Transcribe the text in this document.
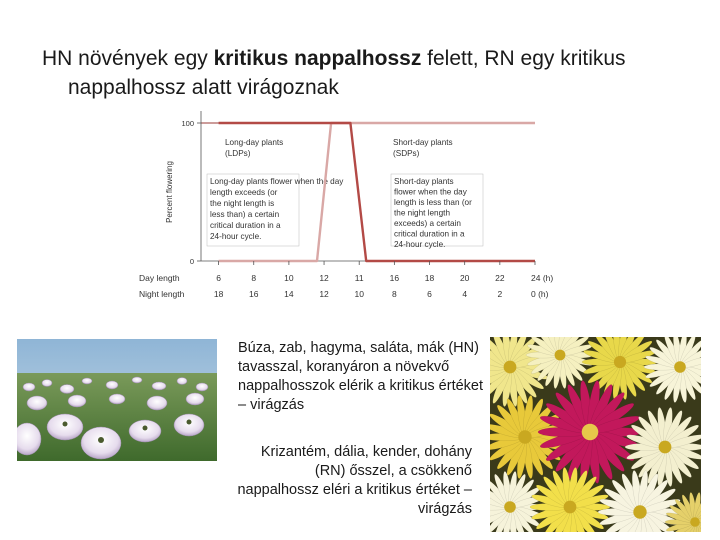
HN növények egy kritikus nappalhossz felett, RN egy kritikus
nappalhossz alatt virágoznak
0
100
Percent flowering	Long-day plants flower when the day
length exceeds (or
the night length is
less than) a certain
critical duration in a
24-hour cycle.
Short-day plants
flower when the day
length is less than (or
the night length
exceeds) a certain
critical duration in a
24-hour cycle.
Long-day plants
(LDPs)
Short-day plants
(SDPs)
Day length
Night length
6
18
8
16
10
14
12
12
11
10
16
8
18
6
20
4
22
2
24 (h)
0 (h)
Búza, zab, hagyma, saláta, mák (HN) tavasszal, koranyáron a növekvő nappalhosszok elérik a kritikus értéket – virágzás
Krizantém, dália, kender, dohány (RN) ősszel, a csökkenő nappalhossz eléri a kritikus értéket – virágzás
